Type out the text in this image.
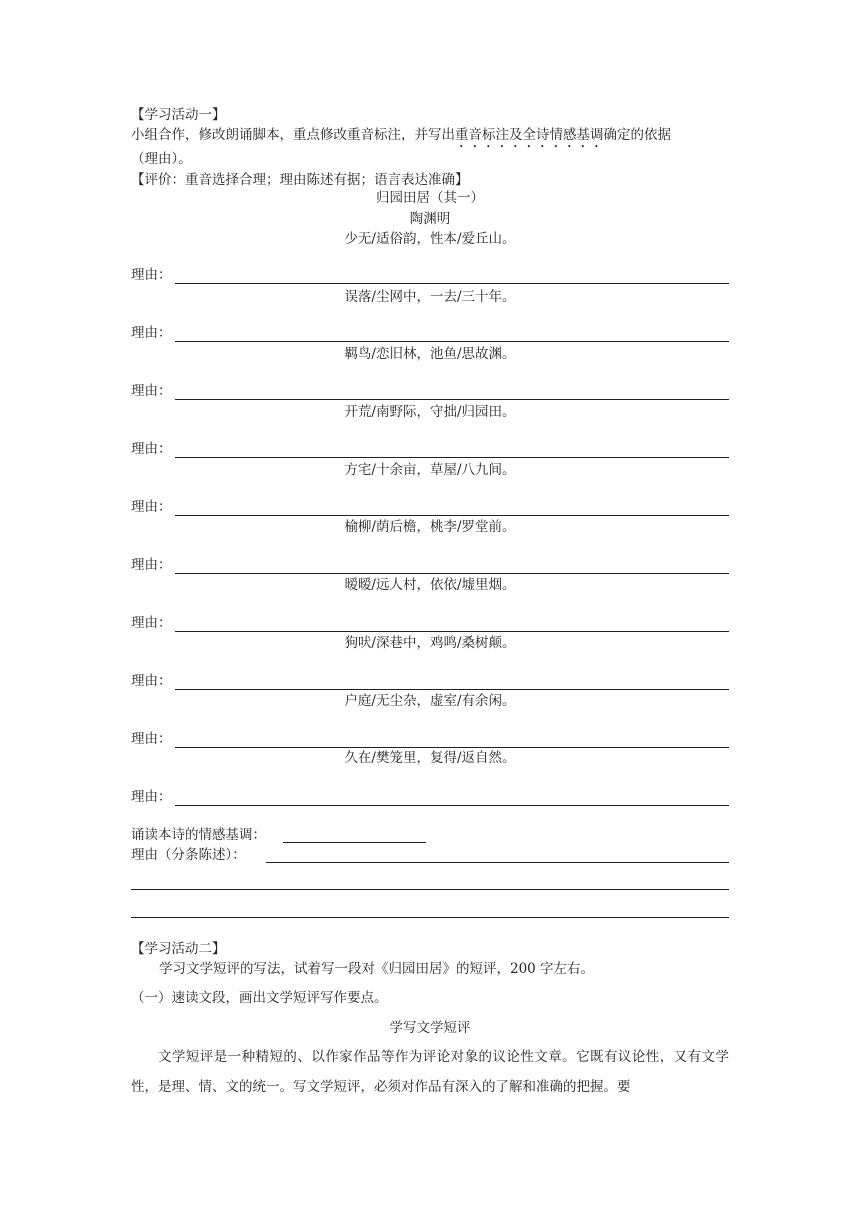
【学习活动一】
小组合作，修改朗诵脚本，重点修改重音标注，并写出重音标注及全诗情感基调确定的依据
（理由）。
【评价：重音选择合理；理由陈述有据；语言表达准确】
归园田居（其一）
陶渊明
少无/适俗韵，性本/爱丘山。
理由：
误落/尘网中，一去/三十年。
理由：
羁鸟/恋旧林，池鱼/思故渊。
理由：
开荒/南野际，守拙/归园田。
理由：
方宅/十余亩，草屋/八九间。
理由：
榆柳/荫后檐，桃李/罗堂前。
理由：
暧暧/远人村，依依/墟里烟。
理由：
狗吠/深巷中，鸡鸣/桑树颠。
理由：
户庭/无尘杂，虚室/有余闲。
理由：
久在/樊笼里，复得/返自然。
理由：
诵读本诗的情感基调：
理由（分条陈述）：
【学习活动二】
学习文学短评的写法，试着写一段对《归园田居》的短评，200 字左右。
（一）速读文段，画出文学短评写作要点。
学写文学短评
文学短评是一种精短的、以作家作品等作为评论对象的议论性文章。它既有议论性，又有文学性，是理、情、文的统一。写文学短评，必须对作品有深入的了解和准确的把握。要
